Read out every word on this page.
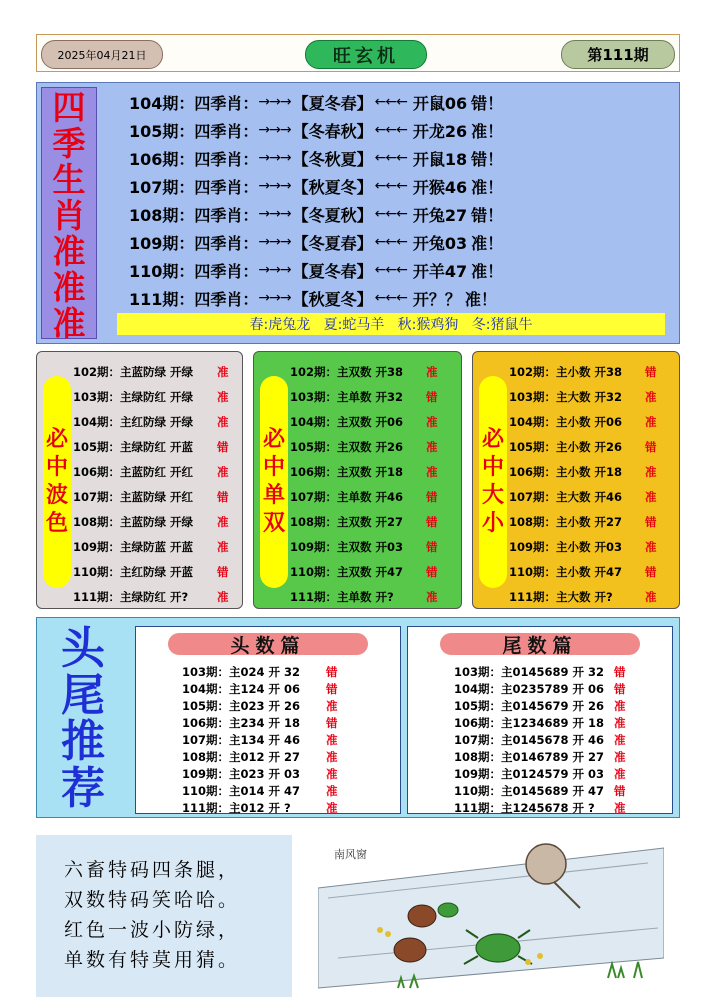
2025年04月21日	旺玄机	第111期
四
季
生
肖
准
准
准
104期： 四季肖： →→→ 【夏冬春】 ←←← 开鼠06 错！
105期： 四季肖： →→→ 【冬春秋】 ←←← 开龙26 准！
106期： 四季肖： →→→ 【冬秋夏】 ←←← 开鼠18 错！
107期： 四季肖： →→→ 【秋夏冬】 ←←← 开猴46 准！
108期： 四季肖： →→→ 【冬夏秋】 ←←← 开兔27 错！
109期： 四季肖： →→→ 【冬夏春】 ←←← 开兔03 准！
110期： 四季肖： →→→ 【夏冬春】 ←←← 开羊47 准！
111期： 四季肖： →→→ 【秋夏冬】 ←←← 开？？ 准！
春:虎兔龙   夏:蛇马羊   秋:猴鸡狗   冬:猪鼠牛
必
中
波
色
102期：主蓝防绿 开绿 准
103期：主绿防红 开绿 准
104期：主红防绿 开绿 准
105期：主绿防红 开蓝 错
106期：主蓝防红 开红 准
107期：主蓝防绿 开红 错
108期：主蓝防绿 开绿 准
109期：主绿防蓝 开蓝 准
110期：主红防绿 开蓝 错
111期：主绿防红 开?	准
必
中
单
双
102期：主双数 开38 准
103期：主单数 开32 错
104期：主双数 开06 准
105期：主双数 开26 准
106期：主双数 开18 准
107期：主单数 开46 错
108期：主双数 开27 错
109期：主双数 开03 错
110期：主双数 开47 错
111期：主单数 开?	准
必
中
大
小
102期：主小数 开38 错
103期：主大数 开32 准
104期：主小数 开06 准
105期：主小数 开26 错
106期：主小数 开18 准
107期：主大数 开46 准
108期：主小数 开27 错
109期：主小数 开03 准
110期：主小数 开47 错
111期：主大数 开?	准
头
尾
推
荐
头数篇
103期：主024 开 32 错
104期：主124 开 06 错
105期：主023 开 26 准
106期：主234 开 18 错
107期：主134 开 46 准
108期：主012 开 27 准
109期：主023 开 03 准
110期：主014 开 47 准
111期：主012 开 ?	准
尾数篇
103期：主0145689 开 32 错
104期：主0235789 开 06 错
105期：主0145679 开 26 准
106期：主1234689 开 18 准
107期：主0145678 开 46 准
108期：主0146789 开 27 准
109期：主0124579 开 03 准
110期：主0145689 开 47 错
111期：主1245678 开 ? 准
六畜特码四条腿，
双数特码笑哈哈。
红色一波小防绿，
单数有特莫用猜。
南风窗
